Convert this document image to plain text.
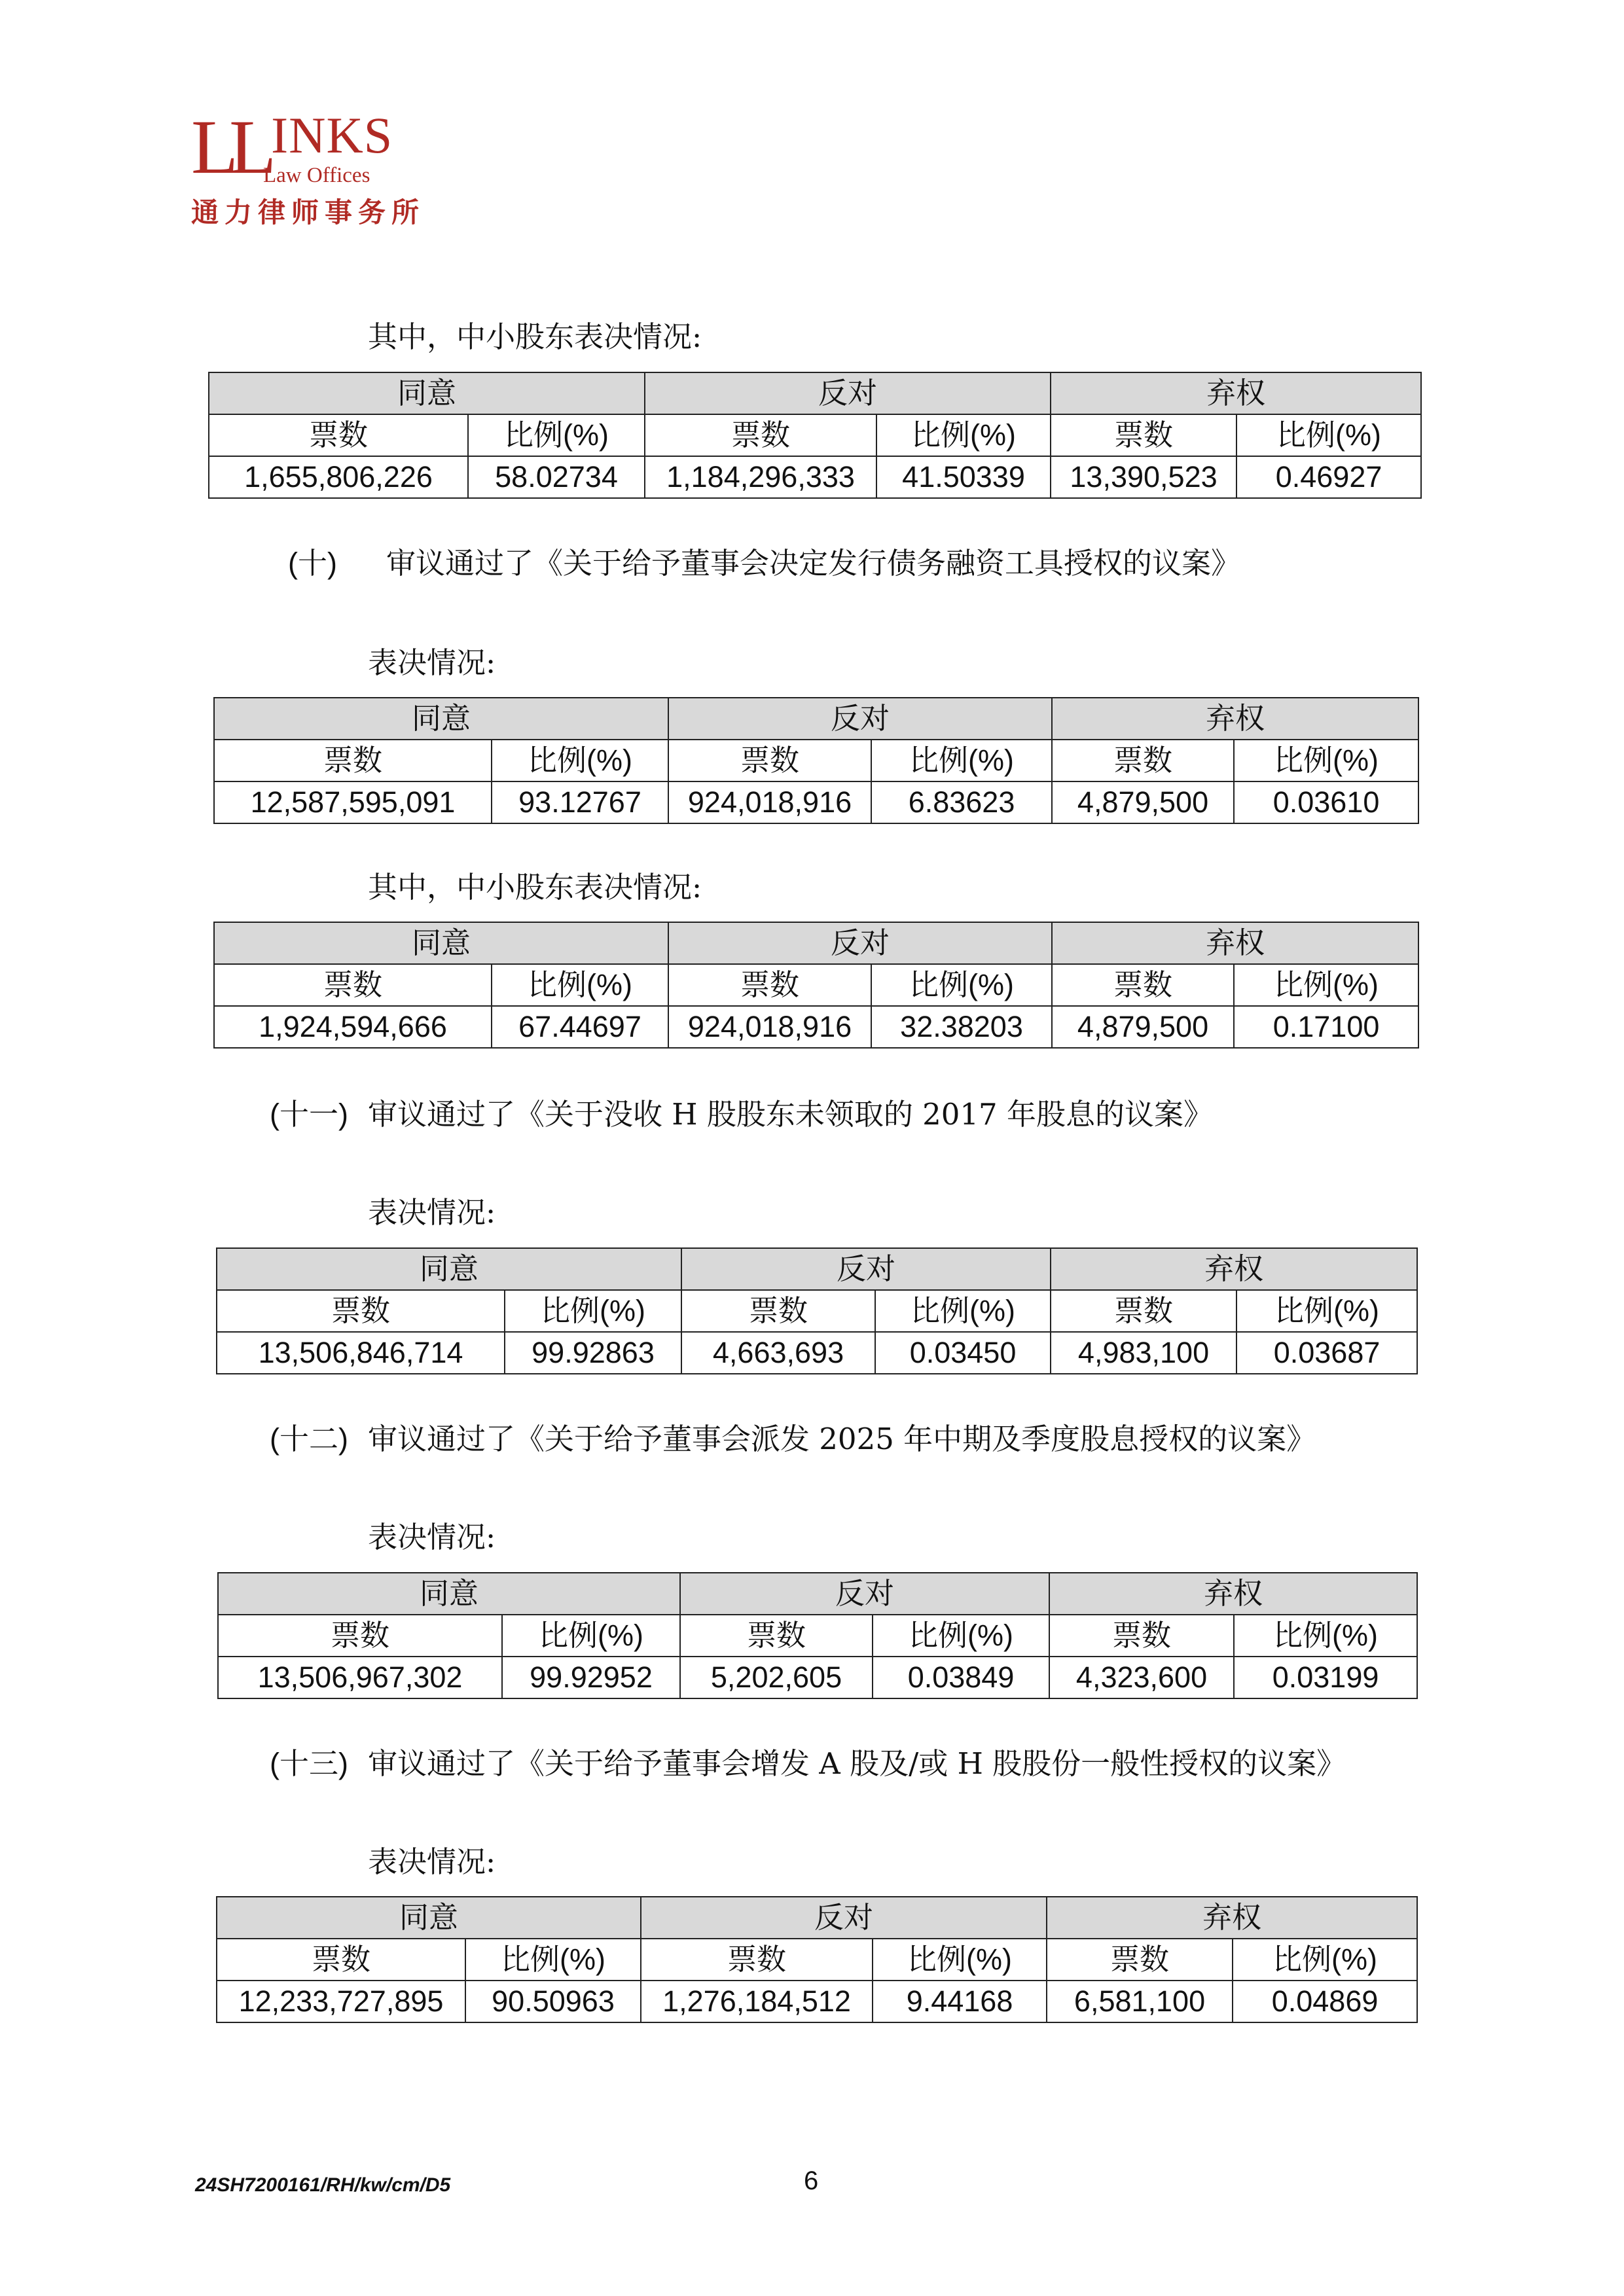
LLINKS
Law Offices
通力律师事务所
其中，中小股东表决情况:
同意		反对		弃权	
票数	比例(%)	票数	比例(%)	票数	比例(%)
1,655,806,226	58.02734	1,184,296,333	41.50339	13,390,523	0.46927
(十) 审议通过了《关于给予董事会决定发行债务融资工具授权的议案》
表决情况:
同意		反对		弃权	
票数	比例(%)	票数	比例(%)	票数	比例(%)
12,587,595,091	93.12767	924,018,916	6.83623	4,879,500	0.03610
其中，中小股东表决情况:
同意		反对		弃权	
票数	比例(%)	票数	比例(%)	票数	比例(%)
1,924,594,666	67.44697	924,018,916	32.38203	4,879,500	0.17100
(十一) 审议通过了《关于没收 H 股股东未领取的 2017 年股息的议案》
表决情况:
同意		反对		弃权	
票数	比例(%)	票数	比例(%)	票数	比例(%)
13,506,846,714	99.92863	4,663,693	0.03450	4,983,100	0.03687
(十二) 审议通过了《关于给予董事会派发 2025 年中期及季度股息授权的议案》
表决情况:
同意		反对		弃权	
票数	比例(%)	票数	比例(%)	票数	比例(%)
13,506,967,302	99.92952	5,202,605	0.03849	4,323,600	0.03199
(十三) 审议通过了《关于给予董事会增发 A 股及/或 H 股股份一般性授权的议案》
表决情况:
同意		反对		弃权	
票数	比例(%)	票数	比例(%)	票数	比例(%)
12,233,727,895	90.50963	1,276,184,512	9.44168	6,581,100	0.04869
24SH7200161/RH/kw/cm/D5	6
